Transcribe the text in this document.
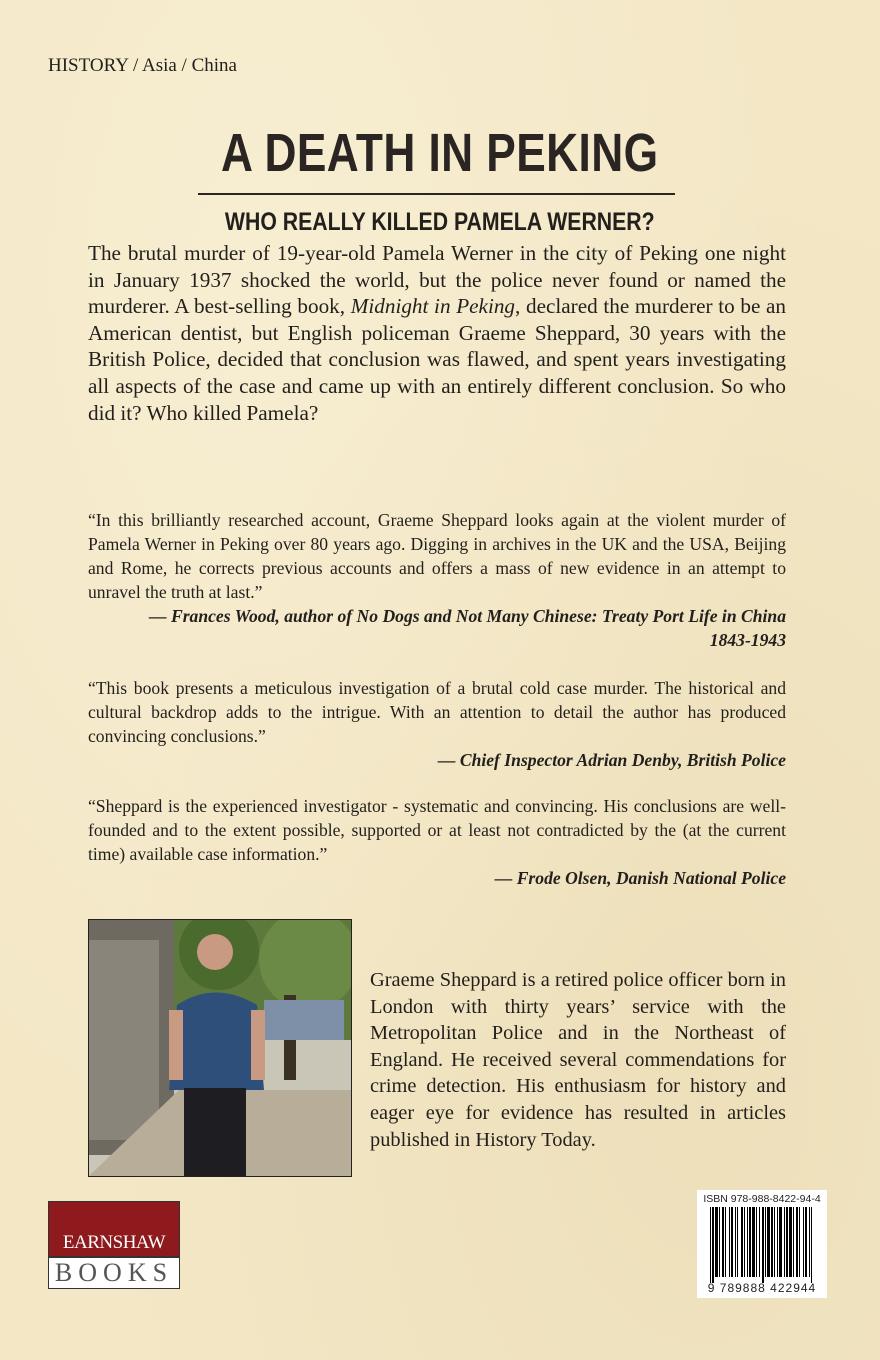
HISTORY / Asia / China
A DEATH IN PEKING
WHO REALLY KILLED PAMELA WERNER?
The brutal murder of 19-year-old Pamela Werner in the city of Peking one night in January 1937 shocked the world, but the police never found or named the murderer. A best-selling book, Midnight in Peking, declared the murderer to be an American dentist, but English policeman Graeme Sheppard, 30 years with the British Police, decided that conclusion was flawed, and spent years investigating all aspects of the case and came up with an entirely different conclusion. So who did it? Who killed Pamela?
“In this brilliantly researched account, Graeme Sheppard looks again at the violent murder of Pamela Werner in Peking over 80 years ago. Digging in archives in the UK and the USA, Beijing and Rome, he corrects previous accounts and offers a mass of new evidence in an attempt to unravel the truth at last.”
— Frances Wood, author of No Dogs and Not Many Chinese: Treaty Port Life in China 1843-1943
“This book presents a meticulous investigation of a brutal cold case murder. The historical and cultural backdrop adds to the intrigue. With an attention to detail the author has produced convincing conclusions.”
— Chief Inspector Adrian Denby, British Police
“Sheppard is the experienced investigator - systematic and convincing. His conclusions are well-founded and to the extent possible, supported or at least not contradicted by the (at the current time) available case information.”
— Frode Olsen, Danish National Police
Graeme Sheppard is a retired police officer born in London with thirty years’ service with the Metropolitan Police and in the Northeast of England. He received several commendations for crime detection. His enthusiasm for history and eager eye for evidence has resulted in articles published in History Today.
EARNSHAW
BOOKS
ISBN 978-988-8422-94-4
9 789888 422944
